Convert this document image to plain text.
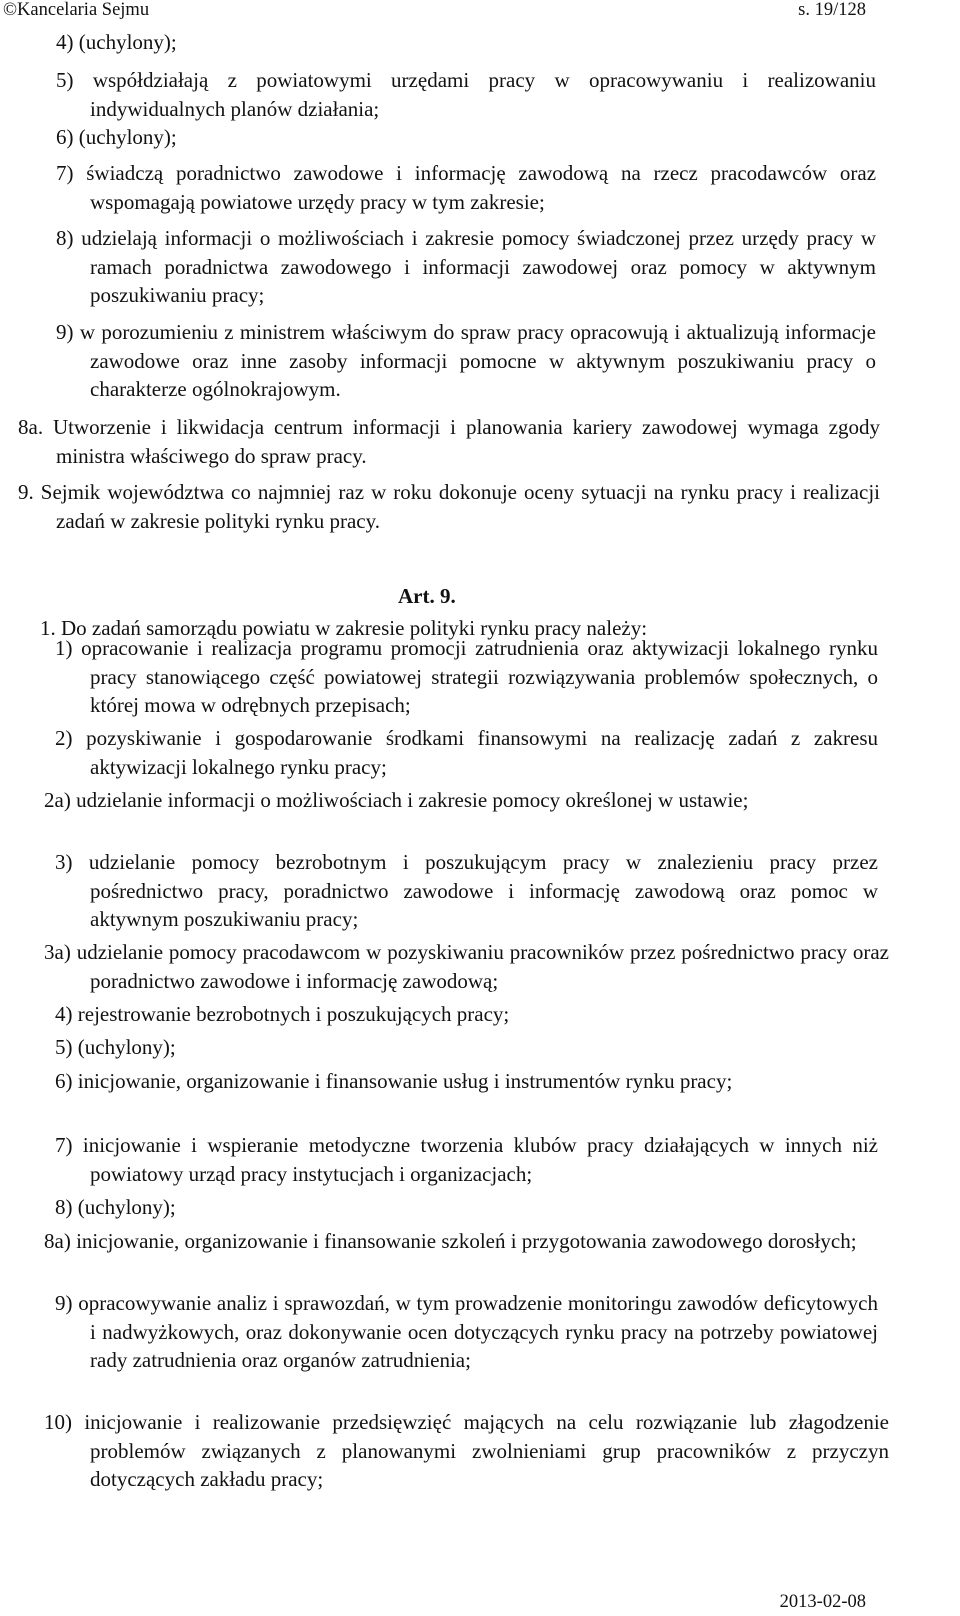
©Kancelaria Sejmu	s. 19/128

4) (uchylony);

5) współdziałają z powiatowymi urzędami pracy w opracowywaniu i realizowaniu indywidualnych planów działania;

6) (uchylony);

7) świadczą poradnictwo zawodowe i informację zawodową na rzecz pracodawców oraz wspomagają powiatowe urzędy pracy w tym zakresie;

8) udzielają informacji o możliwościach i zakresie pomocy świadczonej przez urzędy pracy w ramach poradnictwa zawodowego i informacji zawodowej oraz pomocy w aktywnym poszukiwaniu pracy;

9) w porozumieniu z ministrem właściwym do spraw pracy opracowują i aktualizują informacje zawodowe oraz inne zasoby informacji pomocne w aktywnym poszukiwaniu pracy o charakterze ogólnokrajowym.

8a. Utworzenie i likwidacja centrum informacji i planowania kariery zawodowej wymaga zgody ministra właściwego do spraw pracy.

9. Sejmik województwa co najmniej raz w roku dokonuje oceny sytuacji na rynku pracy i realizacji zadań w zakresie polityki rynku pracy.

Art. 9.

1. Do zadań samorządu powiatu w zakresie polityki rynku pracy należy:

1) opracowanie i realizacja programu promocji zatrudnienia oraz aktywizacji lokalnego rynku pracy stanowiącego część powiatowej strategii rozwiązywania problemów społecznych, o której mowa w odrębnych przepisach;

2) pozyskiwanie i gospodarowanie środkami finansowymi na realizację zadań z zakresu aktywizacji lokalnego rynku pracy;

2a) udzielanie informacji o możliwościach i zakresie pomocy określonej w ustawie;

3) udzielanie pomocy bezrobotnym i poszukującym pracy w znalezieniu pracy przez pośrednictwo pracy, poradnictwo zawodowe i informację zawodową oraz pomoc w aktywnym poszukiwaniu pracy;

3a) udzielanie pomocy pracodawcom w pozyskiwaniu pracowników przez pośrednictwo pracy oraz poradnictwo zawodowe i informację zawodową;

4) rejestrowanie bezrobotnych i poszukujących pracy;

5) (uchylony);

6) inicjowanie, organizowanie i finansowanie usług i instrumentów rynku pracy;

7) inicjowanie i wspieranie metodyczne tworzenia klubów pracy działających w innych niż powiatowy urząd pracy instytucjach i organizacjach;

8) (uchylony);

8a) inicjowanie, organizowanie i finansowanie szkoleń i przygotowania zawodowego dorosłych;

9) opracowywanie analiz i sprawozdań, w tym prowadzenie monitoringu zawodów deficytowych i nadwyżkowych, oraz dokonywanie ocen dotyczących rynku pracy na potrzeby powiatowej rady zatrudnienia oraz organów zatrudnienia;

10) inicjowanie i realizowanie przedsięwzięć mających na celu rozwiązanie lub złagodzenie problemów związanych z planowanymi zwolnieniami grup pracowników z przyczyn dotyczących zakładu pracy;

2013-02-08
